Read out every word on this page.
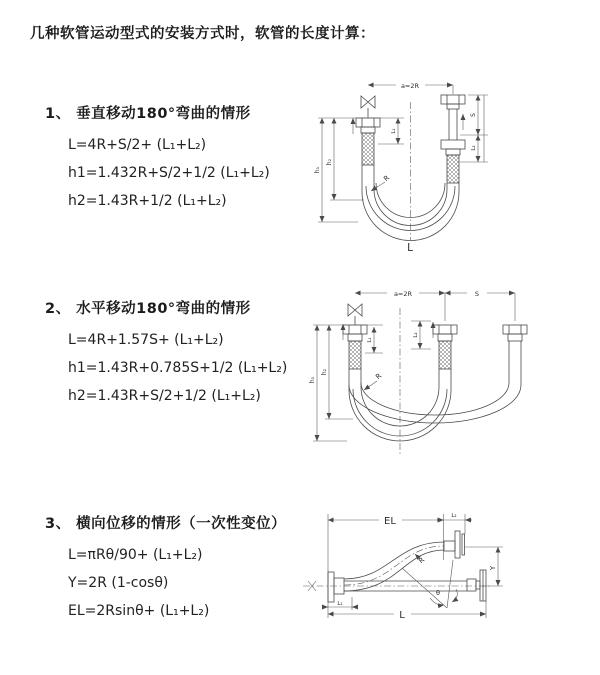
几种软管运动型式的安装方式时，软管的长度计算：
1、 垂直移动180°弯曲的情形
L=4R+S/2+ (L₁+L₂)
h1=1.432R+S/2+1/2 (L₁+L₂)
h2=1.43R+1/2 (L₁+L₂)
a=2R
h₁
h₂
L₁
S
L₂
R
L
2、 水平移动180°弯曲的情形
L=4R+1.57S+ (L₁+L₂)
h1=1.43R+0.785S+1/2 (L₁+L₂)
h2=1.43R+S/2+1/2 (L₁+L₂)
a=2R	S
h₁
h₂
L₁
L₂
R
3、 横向位移的情形（一次性变位）
L=πRθ/90+ (L₁+L₂)
Y=2R (1-cosθ)
EL=2Rsinθ+ (L₁+L₂)
EL	L₂
Y
θ
R
L₁
L
